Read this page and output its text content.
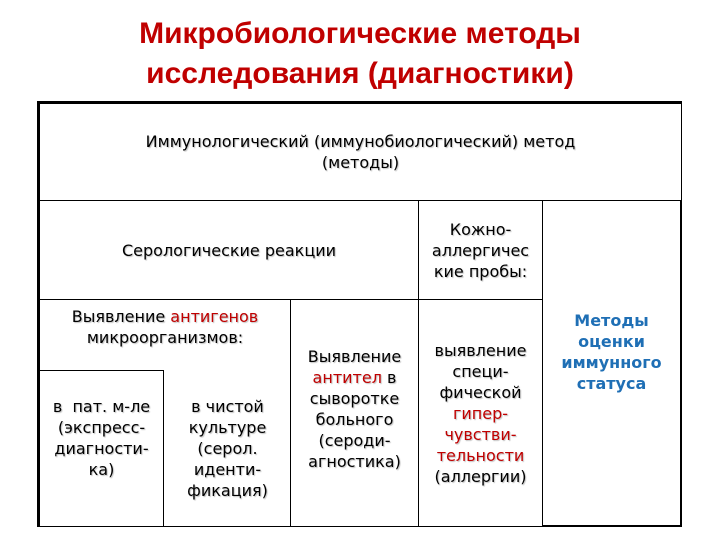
Микробиологические методы
исследования (диагностики)
Иммунологический (иммунобиологический) метод
(методы)
Серологические реакции
Кожно-
аллергичес
кие пробы:
Выявление антигенов
микроорганизмов:
в  пат. м-ле
(экспресс-
диагности-
ка)
в чистой
культуре
(серол.
иденти-
фикация)
Выявление
антител в
сыворотке
больного
(сероди-
агностика)
выявление
специ-
фической
гипер-
чувстви-
тельности
(аллергии)
Методы
оценки
иммунного
статуса
